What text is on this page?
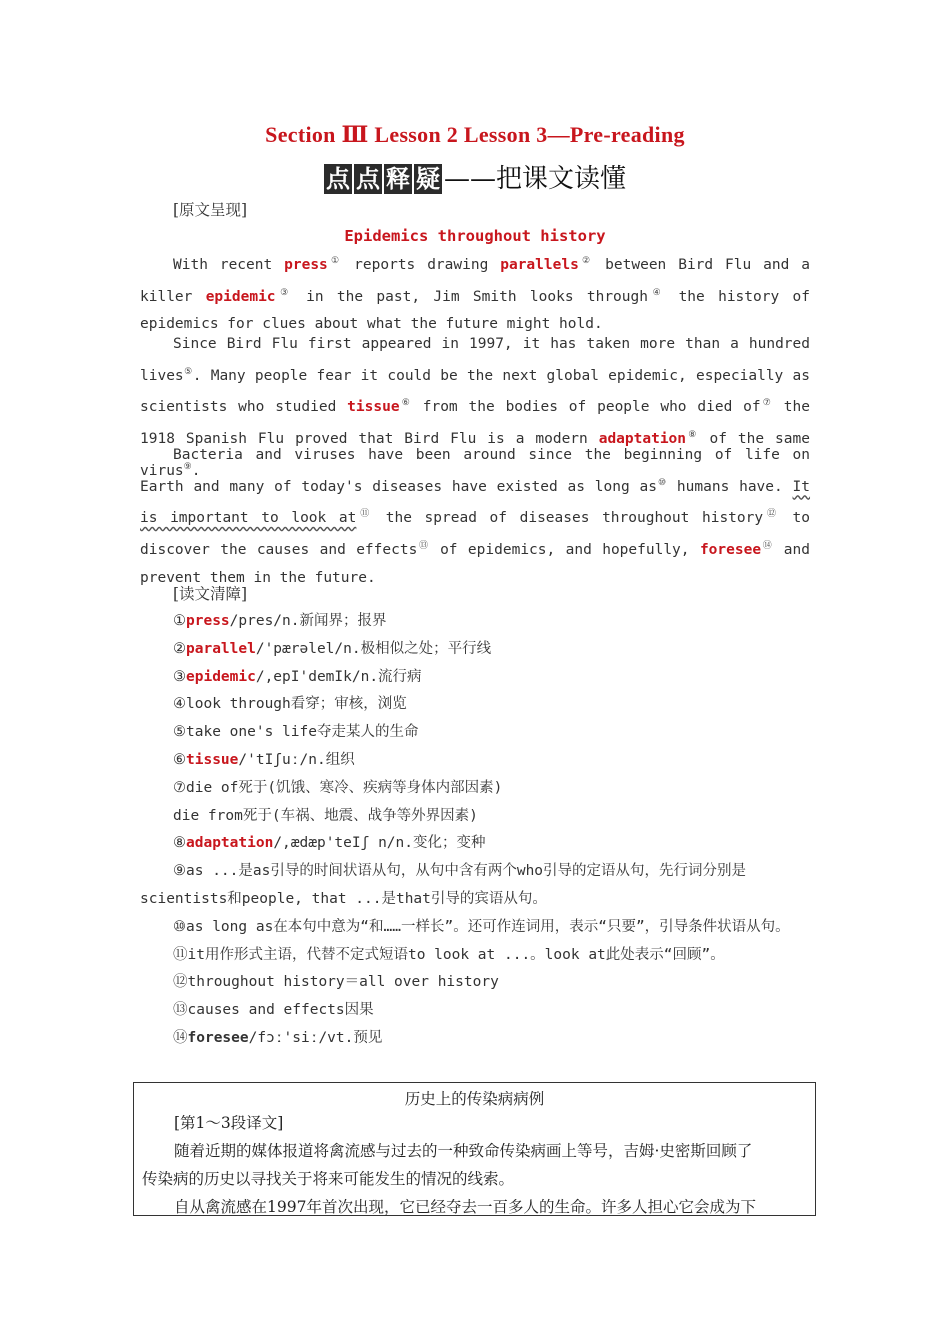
Section Ⅲ Lesson 2 Lesson 3—Pre-reading
点 点 释 疑 ——把课文读懂
[原文呈现]
Epidemics throughout history
With recent press① reports drawing parallels② between Bird Flu and a killer epidemic③ in the past, Jim Smith looks through④ the history of epidemics for clues about what the future might hold.
Since Bird Flu first appeared in 1997, it has taken more than a hundred lives⑤. Many people fear it could be the next global epidemic, especially as scientists who studied tissue⑥ from the bodies of people who died of⑦ the 1918 Spanish Flu proved that Bird Flu is a modern adaptation⑧ of the same virus⑨.
Bacteria and viruses have been around since the beginning of life on Earth and many of today's diseases have existed as long as⑩ humans have. It is important to look at⑪ the spread of diseases throughout history⑫ to discover the causes and effects⑬ of epidemics, and hopefully, foresee⑭ and prevent them in the future.
[读文清障]
①press/pres/n.新闻界；报界
②parallel/'pærəlel/n.极相似之处；平行线
③epidemic/,epI'demIk/n.流行病
④look through看穿；审核，浏览
⑤take one's life夺走某人的生命
⑥tissue/'tIʃuː/n.组织
⑦die of死于(饥饿、寒冷、疾病等身体内部因素)
die from死于(车祸、地震、战争等外界因素)
⑧adaptation/,ædæp'teIʃ n/n.变化；变种
⑨as ...是as引导的时间状语从句，从句中含有两个who引导的定语从句，先行词分别是scientists和people, that ...是that引导的宾语从句。
⑩as long as在本句中意为“和……一样长”。还可作连词用，表示“只要”，引导条件状语从句。
⑪it用作形式主语，代替不定式短语to look at ...。look at此处表示“回顾”。
⑫throughout history＝all over history
⑬causes and effects因果
⑭foresee/fɔː'siː/vt.预见
历史上的传染病病例
[第1～3段译文]
随着近期的媒体报道将禽流感与过去的一种致命传染病画上等号，吉姆·史密斯回顾了
传染病的历史以寻找关于将来可能发生的情况的线索。
自从禽流感在1997年首次出现，它已经夺去一百多人的生命。许多人担心它会成为下
